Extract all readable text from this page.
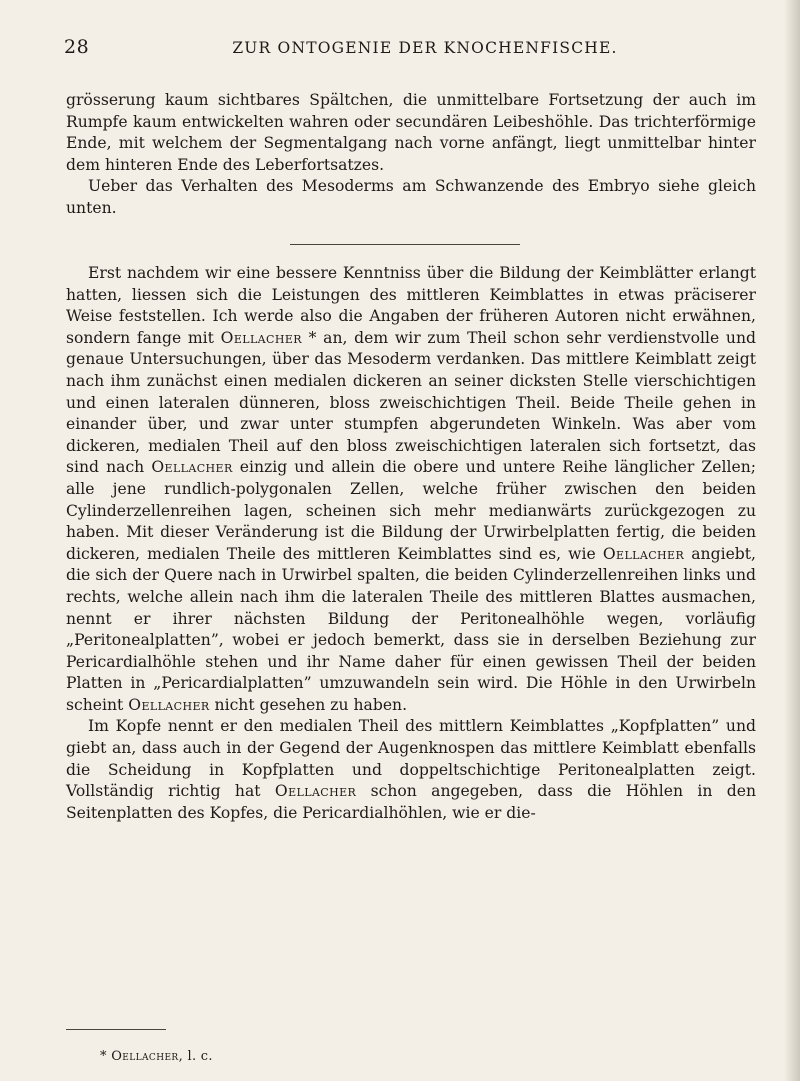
28	ZUR ONTOGENIE DER KNOCHENFISCHE.

grösserung kaum sichtbares Spältchen, die unmittelbare Fortsetzung der auch im Rumpfe kaum entwickelten wahren oder secundären Leibeshöhle. Das trichterförmige Ende, mit welchem der Segmentalgang nach vorne anfängt, liegt unmittelbar hinter dem hinteren Ende des Leberfortsatzes.

Ueber das Verhalten des Mesoderms am Schwanzende des Embryo siehe gleich unten.

Erst nachdem wir eine bessere Kenntniss über die Bildung der Keimblätter erlangt hatten, liessen sich die Leistungen des mittleren Keimblattes in etwas präciserer Weise feststellen. Ich werde also die Angaben der früheren Autoren nicht erwähnen, sondern fange mit Oellacher * an, dem wir zum Theil schon sehr verdienstvolle und genaue Untersuchungen, über das Mesoderm verdanken. Das mittlere Keimblatt zeigt nach ihm zunächst einen medialen dickeren an seiner dicksten Stelle vierschichtigen und einen lateralen dünneren, bloss zweischichtigen Theil. Beide Theile gehen in einander über, und zwar unter stumpfen abgerundeten Winkeln. Was aber vom dickeren, medialen Theil auf den bloss zweischichtigen lateralen sich fortsetzt, das sind nach Oellacher einzig und allein die obere und untere Reihe länglicher Zellen; alle jene rundlich-polygonalen Zellen, welche früher zwischen den beiden Cylinderzellenreihen lagen, scheinen sich mehr medianwärts zurückgezogen zu haben. Mit dieser Veränderung ist die Bildung der Urwirbelplatten fertig, die beiden dickeren, medialen Theile des mittleren Keimblattes sind es, wie Oellacher angiebt, die sich der Quere nach in Urwirbel spalten, die beiden Cylinderzellenreihen links und rechts, welche allein nach ihm die lateralen Theile des mittleren Blattes ausmachen, nennt er ihrer nächsten Bildung der Peritonealhöhle wegen, vorläufig „Peritonealplatten”, wobei er jedoch bemerkt, dass sie in derselben Beziehung zur Pericardialhöhle stehen und ihr Name daher für einen gewissen Theil der beiden Platten in „Pericardialplatten” umzuwandeln sein wird. Die Höhle in den Urwirbeln scheint Oellacher nicht gesehen zu haben.

Im Kopfe nennt er den medialen Theil des mittlern Keimblattes „Kopfplatten” und giebt an, dass auch in der Gegend der Augenknospen das mittlere Keimblatt ebenfalls die Scheidung in Kopfplatten und doppeltschichtige Peritonealplatten zeigt. Vollständig richtig hat Oellacher schon angegeben, dass die Höhlen in den Seitenplatten des Kopfes, die Pericardialhöhlen, wie er die-

* Oellacher, l. c.
